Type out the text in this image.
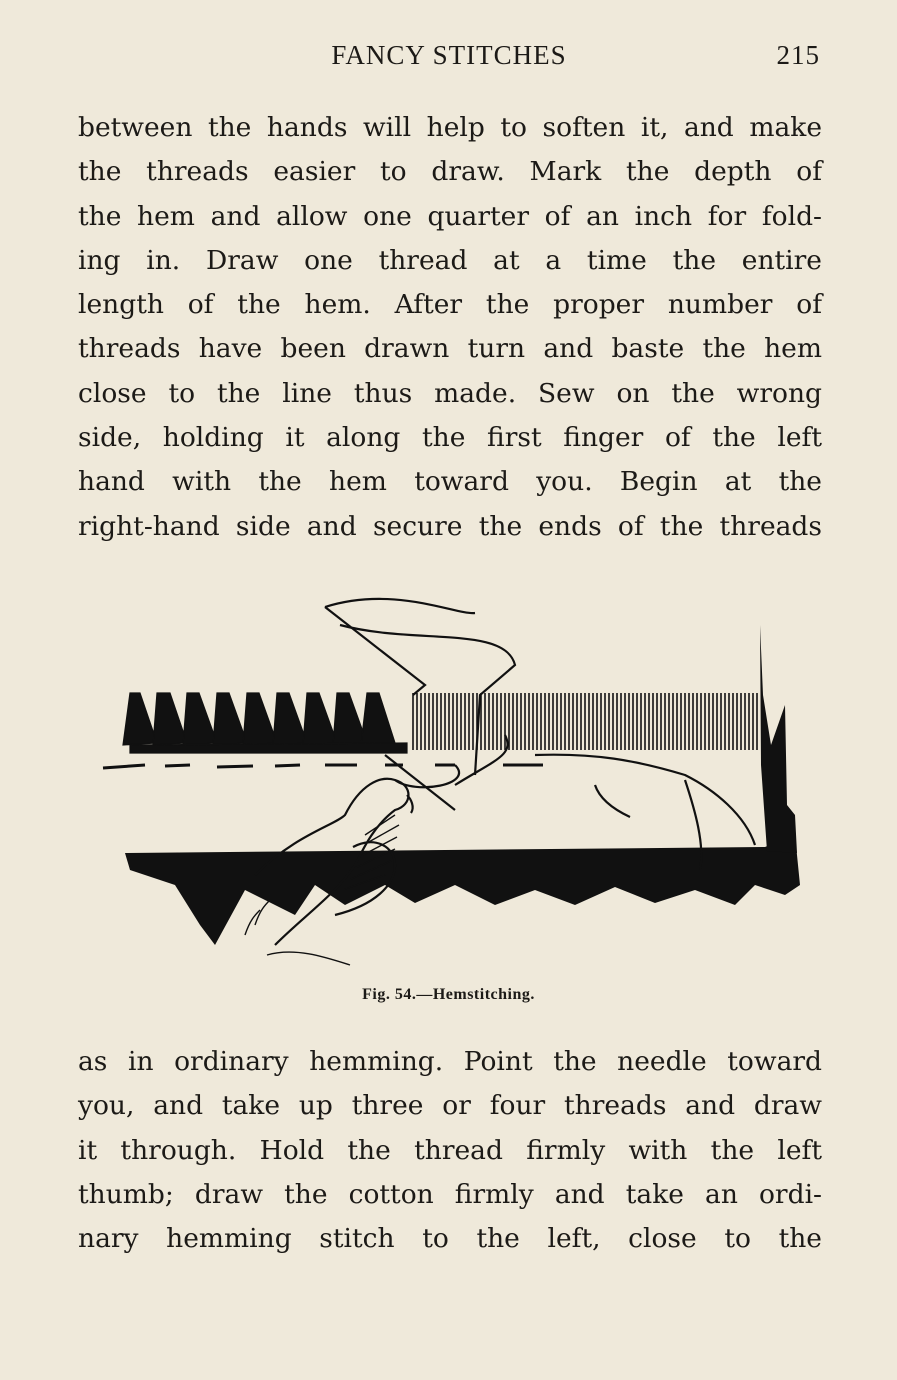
FANCY STITCHES	215

between the hands will help to soften it, and make
the threads easier to draw. Mark the depth of
the hem and allow one quarter of an inch for fold-
ing in. Draw one thread at a time the entire
length of the hem. After the proper number of
threads have been drawn turn and baste the hem
close to the line thus made. Sew on the wrong
side, holding it along the first finger of the left
hand with the hem toward you. Begin at the
right-hand side and secure the ends of the threads

Fig. 54.—Hemstitching.

as in ordinary hemming. Point the needle toward
you, and take up three or four threads and draw
it through. Hold the thread firmly with the left
thumb; draw the cotton firmly and take an ordi-
nary hemming stitch to the left, close to the
